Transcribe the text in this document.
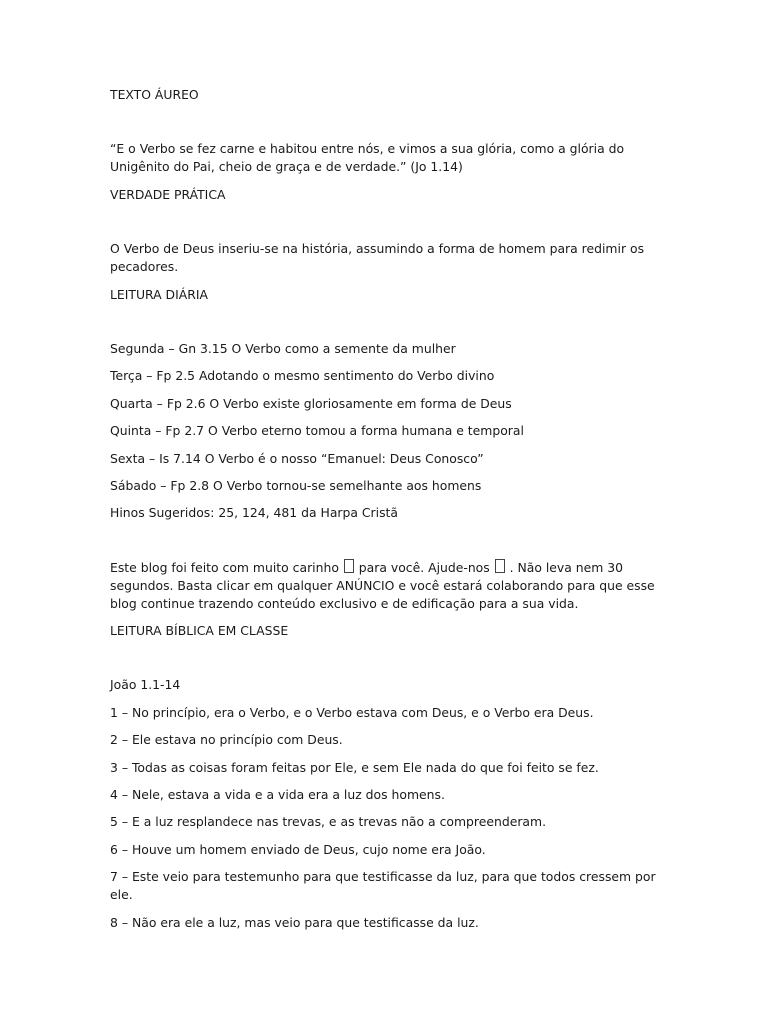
TEXTO ÁUREO

“E o Verbo se fez carne e habitou entre nós, e vimos a sua glória, como a glória do Unigênito do Pai, cheio de graça e de verdade.” (Jo 1.14)

VERDADE PRÁTICA

O Verbo de Deus inseriu-se na história, assumindo a forma de homem para redimir os pecadores.

LEITURA DIÁRIA

Segunda – Gn 3.15 O Verbo como a semente da mulher

Terça – Fp 2.5 Adotando o mesmo sentimento do Verbo divino

Quarta – Fp 2.6 O Verbo existe gloriosamente em forma de Deus

Quinta – Fp 2.7 O Verbo eterno tomou a forma humana e temporal

Sexta – Is 7.14 O Verbo é o nosso “Emanuel: Deus Conosco”

Sábado – Fp 2.8 O Verbo tornou-se semelhante aos homens

Hinos Sugeridos: 25, 124, 481 da Harpa Cristã

Este blog foi feito com muito carinho  para você. Ajude-nos  . Não leva nem 30 segundos. Basta clicar em qualquer ANÚNCIO e você estará colaborando para que esse blog continue trazendo conteúdo exclusivo e de edificação para a sua vida.

LEITURA BÍBLICA EM CLASSE

João 1.1-14

1 – No princípio, era o Verbo, e o Verbo estava com Deus, e o Verbo era Deus.

2 – Ele estava no princípio com Deus.

3 – Todas as coisas foram feitas por Ele, e sem Ele nada do que foi feito se fez.

4 – Nele, estava a vida e a vida era a luz dos homens.

5 – E a luz resplandece nas trevas, e as trevas não a compreenderam.

6 – Houve um homem enviado de Deus, cujo nome era João.

7 – Este veio para testemunho para que testificasse da luz, para que todos cressem por ele.

8 – Não era ele a luz, mas veio para que testificasse da luz.
